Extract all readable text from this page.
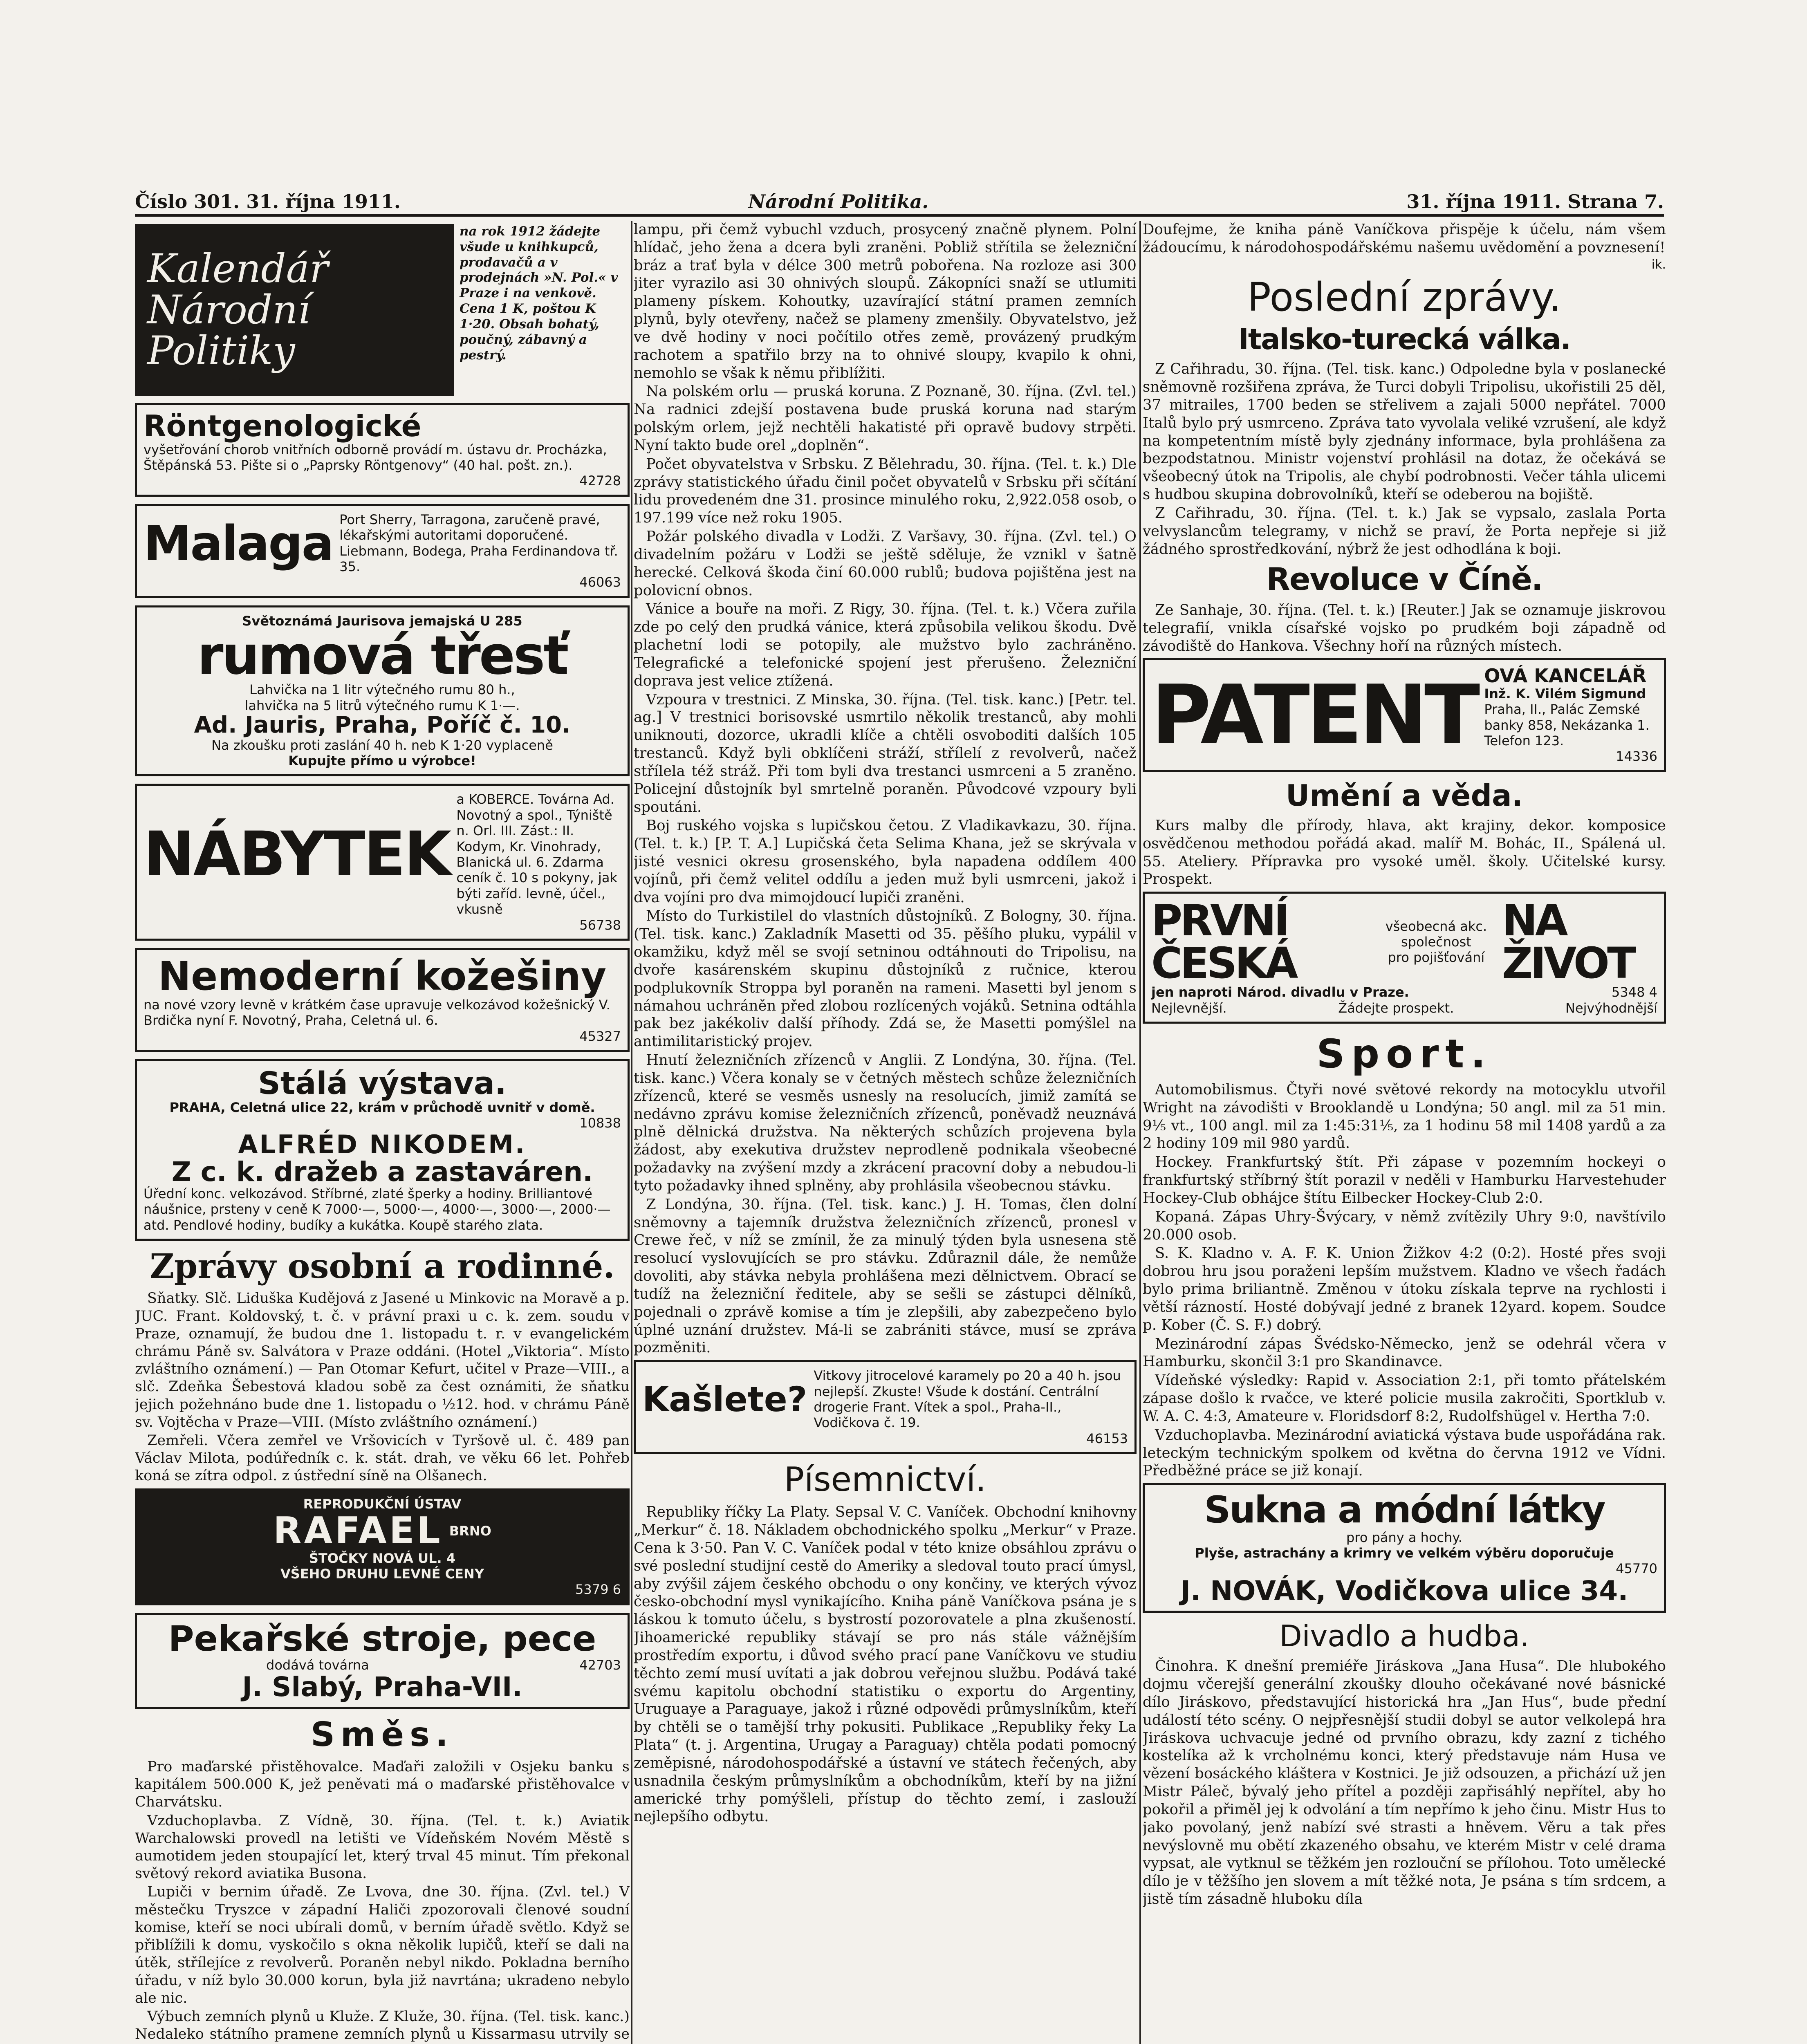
Číslo 301. 31. října 1911.	Národní Politika.	31. října 1911. Strana 7.
Kalendář
Národní
Politiky
na rok 1912 žádejte všude u knihkupců, prodavačů a v prodejnách »N. Pol.« v Praze i na venkově. Cena 1 K, poštou K 1·20. Obsah bohatý, poučný, zábavný a pestrý.
Röntgenologické
vyšetřování chorob vnitřních odborně provádí m. ústavu dr. Procházka, Štěpánská 53. Pište si o „Paprsky Röntgenovy“ (40 hal. pošt. zn.).
42728
Malaga Port Sherry, Tarragona, zaručeně pravé, lékařskými autoritami doporučené. Liebmann, Bodega, Praha Ferdinandova tř. 35.
46063
Světoznámá Jaurisova jemajská U 285
rumová třesť
Lahvička na 1 litr výtečného rumu 80 h.,
lahvička na 5 litrů výtečného rumu K 1·—.
Ad. Jauris, Praha, Poříč č. 10.
Na zkoušku proti zaslání 40 h. neb K 1·20 vyplaceně
Kupujte přímo u výrobce!
NÁBYTEK
a KOBERCE. Továrna Ad. Novotný a spol., Týniště n. Orl. III. Zást.: II. Kodym, Kr. Vinohrady, Blanická ul. 6. Zdarma ceník č. 10 s pokyny, jak býti zaříd. levně, účel., vkusně
56738
Nemoderní kožešiny
na nové vzory levně v krátkém čase upravuje velkozávod kožešnický V. Brdička nyní F. Novotný, Praha, Celetná ul. 6.
45327
Stálá výstava.
PRAHA, Celetná ulice 22, krám v průchodě uvnitř v domě.
10838
ALFRÉD NIKODEM.
Z c. k. dražeb a zastaváren.
Úřední konc. velkozávod. Stříbrné, zlaté šperky a hodiny. Brilliantové náušnice, prsteny v ceně K 7000·—, 5000·—, 4000·—, 3000·—, 2000·— atd. Pendlové hodiny, budíky a kukátka. Koupě starého zlata.
Zprávy osobní a rodinné.

Sňatky. Slč. Liduška Kudějová z Jasené u Minkovic na Moravě a p. JUC. Frant. Koldovský, t. č. v právní praxi u c. k. zem. soudu v Praze, oznamují, že budou dne 1. listopadu t. r. v evangelickém chrámu Páně sv. Salvátora v Praze oddáni. (Hotel „Viktoria“. Místo zvláštního oznámení.) — Pan Otomar Kefurt, učitel v Praze—VIII., a slč. Zdeňka Šebestová kladou sobě za čest oznámiti, že sňatku jejich požehnáno bude dne 1. listopadu o ½12. hod. v chrámu Páně sv. Vojtěcha v Praze—VIII. (Místo zvláštního oznámení.)

Zemřeli. Včera zemřel ve Vršovicích v Tyršově ul. č. 489 pan Václav Milota, podúředník c. k. stát. drah, ve věku 66 let. Pohřeb koná se zítra odpol. z ústřední síně na Olšanech.

REPRODUKČNÍ ÚSTAV
RAFAEL BRNO
ŠTOČKY NOVÁ UL. 4
VŠEHO DRUHU LEVNÉ CENY
5379 6
Pekařské stroje, pece
dodává továrna	42703
J. Slabý, Praha-VII.
Směs.

Pro maďarské přistěhovalce. Maďaři založili v Osjeku banku s kapitálem 500.000 K, jež peněvati má o maďarské přistěhovalce v Charvátsku.

Vzduchoplavba. Z Vídně, 30. října. (Tel. t. k.) Aviatik Warchalowski provedl na letišti ve Vídeňském Novém Městě s aumotidem jeden stoupající let, který trval 45 minut. Tím překonal světový rekord aviatika Busona.

Lupiči v bernim úřadě. Ze Lvova, dne 30. října. (Zvl. tel.) V městečku Tryszce v západní Haliči zpozorovali členové soudní komise, kteří se noci ubírali domů, v berním úřadě světlo. Když se přiblížili k domu, vyskočilo s okna několik lupičů, kteří se dali na útěk, střílejíce z revolverů. Poraněn nebyl nikdo. Pokladna berního úřadu, v níž bylo 30.000 korun, byla již navrtána; ukradeno nebylo ale nic.

Výbuch zemních plynů u Kluže. Z Kluže, 30. října. (Tel. tisk. kanc.) Nedaleko státního pramene zemních plynů u Kissarmasu utrvily se

lampu, při čemž vybuchl vzduch, prosycený značně plynem. Polní hlídač, jeho žena a dcera byli zraněni. Pobliž střítila se železniční bráz a trať byla v délce 300 metrů pobořena. Na rozloze asi 300 jiter vyrazilo asi 30 ohnivých sloupů. Zákopníci snaží se utlumiti plameny pískem. Kohoutky, uzavírající státní pramen zemních plynů, byly otevřeny, načež se plameny zmenšily. Obyvatelstvo, jež ve dvě hodiny v noci počítilo otřes země, provázený prudkým rachotem a spatřilo brzy na to ohnivé sloupy, kvapilo k ohni, nemohlo se však k němu přiblížiti.

Na polském orlu — pruská koruna. Z Poznaně, 30. října. (Zvl. tel.) Na radnici zdejší postavena bude pruská koruna nad starým polským orlem, jejž nechtěli hakatisté při opravě budovy strpěti. Nyní takto bude orel „doplněn“.

Počet obyvatelstva v Srbsku. Z Bělehradu, 30. října. (Tel. t. k.) Dle zprávy statistického úřadu činil počet obyvatelů v Srbsku při sčítání lidu provedeném dne 31. prosince minulého roku, 2,922.058 osob, o 197.199 více než roku 1905.

Požár polského divadla v Lodži. Z Varšavy, 30. října. (Zvl. tel.) O divadelním požáru v Lodži se ještě sděluje, že vznikl v šatně herecké. Celková škoda činí 60.000 rublů; budova pojištěna jest na polovicní obnos.

Vánice a bouře na moři. Z Rigy, 30. října. (Tel. t. k.) Včera zuřila zde po celý den prudká vánice, která způsobila velikou škodu. Dvě plachetní lodi se potopily, ale mužstvo bylo zachráněno. Telegrafické a telefonické spojení jest přerušeno. Železniční doprava jest velice ztížená.

Vzpoura v trestnici. Z Minska, 30. října. (Tel. tisk. kanc.) [Petr. tel. ag.] V trestnici borisovské usmrtilo několik trestanců, aby mohli uniknouti, dozorce, ukradli klíče a chtěli osvoboditi dalších 105 trestanců. Když byli obklíčeni stráží, střílelí z revolverů, načež střílela též stráž. Při tom byli dva trestanci usmrceni a 5 zraněno. Policejní důstojník byl smrtelně poraněn. Původcové vzpoury byli spoutáni.

Boj ruského vojska s lupičskou četou. Z Vladikavkazu, 30. října. (Tel. t. k.) [P. T. A.] Lupičská četa Selima Khana, jež se skrývala v jisté vesnici okresu grosenského, byla napadena oddílem 400 vojínů, při čemž velitel oddílu a jeden muž byli usmrceni, jakož i dva vojíni pro dva mimojdoucí lupiči zraněni.

Místo do Turkistilel do vlastních důstojníků. Z Bologny, 30. října. (Tel. tisk. kanc.) Zakladník Masetti od 35. pěšího pluku, vypálil v okamžiku, když měl se svojí setninou odtáhnouti do Tripolisu, na dvoře kasárenském skupinu důstojníků z ručnice, kterou podplukovník Stroppa byl poraněn na rameni. Masetti byl jenom s námahou uchráněn před zlobou rozlícených vojáků. Setnina odtáhla pak bez jakékoliv další příhody. Zdá se, že Masetti pomýšlel na antimilitaristický projev.

Hnutí železničních zřízenců v Anglii. Z Londýna, 30. října. (Tel. tisk. kanc.) Včera konaly se v četných městech schůze železničních zřízenců, které se vesměs usnesly na resolucích, jimiž zamítá se nedávno zprávu komise železničních zřízenců, poněvadž neuznává plně dělnická družstva. Na některých schůzích projevena byla žádost, aby exekutiva družstev neprodleně podnikala všeobecné požadavky na zvýšení mzdy a zkrácení pracovní doby a nebudou-li tyto požadavky ihned splněny, aby prohlásila všeobecnou stávku.

Z Londýna, 30. října. (Tel. tisk. kanc.) J. H. Tomas, člen dolní sněmovny a tajemník družstva železničních zřízenců, pronesl v Crewe řeč, v níž se zmínil, že za minulý týden byla usnesena stě resolucí vyslovujících se pro stávku. Zdůraznil dále, že nemůže dovoliti, aby stávka nebyla prohlášena mezi dělnictvem. Obrací se tudíž na železniční ředitele, aby se sešli se zástupci dělníků, pojednali o zprávě komise a tím je zlepšili, aby zabezpečeno bylo úplné uznání družstev. Má-li se zabrániti stávce, musí se zpráva pozměniti.

Kašlete?
Vitkovy jitrocelové karamely po 20 a 40 h. jsou nejlepší. Zkuste! Všude k dostání. Centrální drogerie Frant. Vítek a spol., Praha-II., Vodičkova č. 19.
46153
Písemnictví.

Republiky říčky La Platy. Sepsal V. C. Vaníček. Obchodní knihovny „Merkur“ č. 18. Nákladem obchodnického spolku „Merkur“ v Praze. Cena k 3·50. Pan V. C. Vaníček podal v této knize obsáhlou zprávu o své poslední studijní cestě do Ameriky a sledoval touto prací úmysl, aby zvýšil zájem českého obchodu o ony končiny, ve kterých vývoz česko-obchodní mysl vynikajícího. Kniha páně Vaníčkova psána je s láskou k tomuto účelu, s bystrostí pozorovatele a plna zkušeností. Jihoamerické republiky stávají se pro nás stále vážnějším prostředím exportu, i důvod svého prací pane Vaníčkovu ve studiu těchto zemí musí uvítati a jak dobrou veřejnou službu. Podává také svému kapitolu obchodní statistiku o exportu do Argentiny, Uruguaye a Paraguaye, jakož i různé odpovědi průmyslníkům, kteří by chtěli se o tamější trhy pokusiti. Publikace „Republiky řeky La Plata“ (t. j. Argentina, Urugay a Paraguay) chtěla podati pomocný zeměpisné, národohospodářské a ústavní ve státech řečených, aby usnadnila českým průmyslníkům a obchodníkům, kteří by na jižní americké trhy pomýšleli, přístup do těchto zemí, i zaslouží nejlepšího odbytu.

Doufejme, že kniha páně Vaníčkova přispěje k účelu, nám všem žádoucímu, k národohospodářskému našemu uvědomění a povznesení!

ik.
Poslední zprávy.
Italsko-turecká válka.

Z Cařihradu, 30. října. (Tel. tisk. kanc.) Odpoledne byla v poslanecké sněmovně rozšiřena zpráva, že Turci dobyli Tripolisu, ukořistili 25 děl, 37 mitrailes, 1700 beden se střelivem a zajali 5000 nepřátel. 7000 Italů bylo prý usmrceno. Zpráva tato vyvolala veliké vzrušení, ale když na kompetentním místě byly zjednány informace, byla prohlášena za bezpodstatnou. Ministr vojenství prohlásil na dotaz, že očekává se všeobecný útok na Tripolis, ale chybí podrobnosti. Večer táhla ulicemi s hudbou skupina dobrovolníků, kteří se odeberou na bojiště.

Z Cařihradu, 30. října. (Tel. t. k.) Jak se vypsalo, zaslala Porta velvyslancům telegramy, v nichž se praví, že Porta nepřeje si již žádného sprostředkování, nýbrž že jest odhodlána k boji.

Revoluce v Číně.

Ze Sanhaje, 30. října. (Tel. t. k.) [Reuter.] Jak se oznamuje jiskrovou telegrafií, vnikla císařské vojsko po prudkém boji západně od závodiště do Hankova. Všechny hoří na různých místech.

PATENT OVÁ KANCELÁŘ
Inž. K. Vilém Sigmund
Praha, II., Palác Zemské banky 858, Nekázanka 1.
Telefon 123.
14336
Umění a věda.

Kurs malby dle přírody, hlava, akt krajiny, dekor. komposice osvědčenou methodou pořádá akad. malíř M. Bohác, II., Spálená ul. 55. Ateliery. Přípravka pro vysoké uměl. školy. Učitelské kursy. Prospekt.

PRVNÍ ČESKÁ
všeobecná akc. společnost
pro pojišťování
NA ŽIVOT
jen naproti Národ. divadlu v Praze.	5348 4
Nejlevnější.	Žádejte prospekt.	Nejvýhodnější
Sport.

Automobilismus. Čtyři nové světové rekordy na motocyklu utvořil Wright na závodišti v Brooklandě u Londýna; 50 angl. mil za 51 min. 9⅕ vt., 100 angl. mil za 1:45:31⅕, za 1 hodinu 58 mil 1408 yardů a za 2 hodiny 109 mil 980 yardů.

Hockey. Frankfurtský štít. Při zápase v pozemním hockeyi o frankfurtský stříbrný štít porazil v neděli v Hamburku Harvestehuder Hockey-Club obhájce štítu Eilbecker Hockey-Club 2:0.

Kopaná. Zápas Uhry-Švýcary, v němž zvítězily Uhry 9:0, navštívilo 20.000 osob.

S. K. Kladno v. A. F. K. Union Žižkov 4:2 (0:2). Hosté přes svoji dobrou hru jsou poraženi lepším mužstvem. Kladno ve všech řadách bylo prima briliantně. Změnou v útoku získala teprve na rychlosti i větší rázností. Hosté dobývají jedné z branek 12yard. kopem. Soudce p. Kober (Č. S. F.) dobrý.

Mezinárodní zápas Švédsko-Německo, jenž se odehrál včera v Hamburku, skončil 3:1 pro Skandinavce.

Vídeňské výsledky: Rapid v. Association 2:1, při tomto přátelském zápase došlo k rvačce, ve které policie musila zakročiti, Sportklub v. W. A. C. 4:3, Amateure v. Floridsdorf 8:2, Rudolfshügel v. Hertha 7:0.

Vzduchoplavba. Mezinárodní aviatická výstava bude uspořádána rak. leteckým technickým spolkem od května do června 1912 ve Vídni. Předběžné práce se již konají.

Sukna a módní látky
pro pány a hochy.
Plyše, astrachány a krimry ve velkém výběru doporučuje
45770
J. NOVÁK, Vodičkova ulice 34.
Divadlo a hudba.

Činohra. K dnešní premiéře Jiráskova „Jana Husa“. Dle hlubokého dojmu včerejší generální zkoušky dlouho očekávané nové básnické dílo Jiráskovo, představující historická hra „Jan Hus“, bude přední událostí této scény. O nejpřesnější studii dobyl se autor velkolepá hra Jiráskova uchvacuje jedné od prvního obrazu, kdy zazní z tichého kostelíka až k vrcholnému konci, který představuje nám Husa ve vězení bosáckého kláštera v Kostnici. Je již odsouzen, a přichází už jen Mistr Páleč, bývalý jeho přítel a později zapřisáhlý nepřítel, aby ho pokořil a přiměl jej k odvolání a tím nepřímo k jeho činu. Mistr Hus to jako povolaný, jenž nabízí své strasti a hněvem. Věru a tak přes nevýslovně mu obětí zkazeného obsahu, ve kterém Mistr v celé drama vypsat, ale vytknul se těžkém jen rozlouční se přílohou. Toto umělecké dílo je v těžšího jen slovem a mít těžké nota, Je psána s tím srdcem, a jistě tím zásadně hluboku díla
